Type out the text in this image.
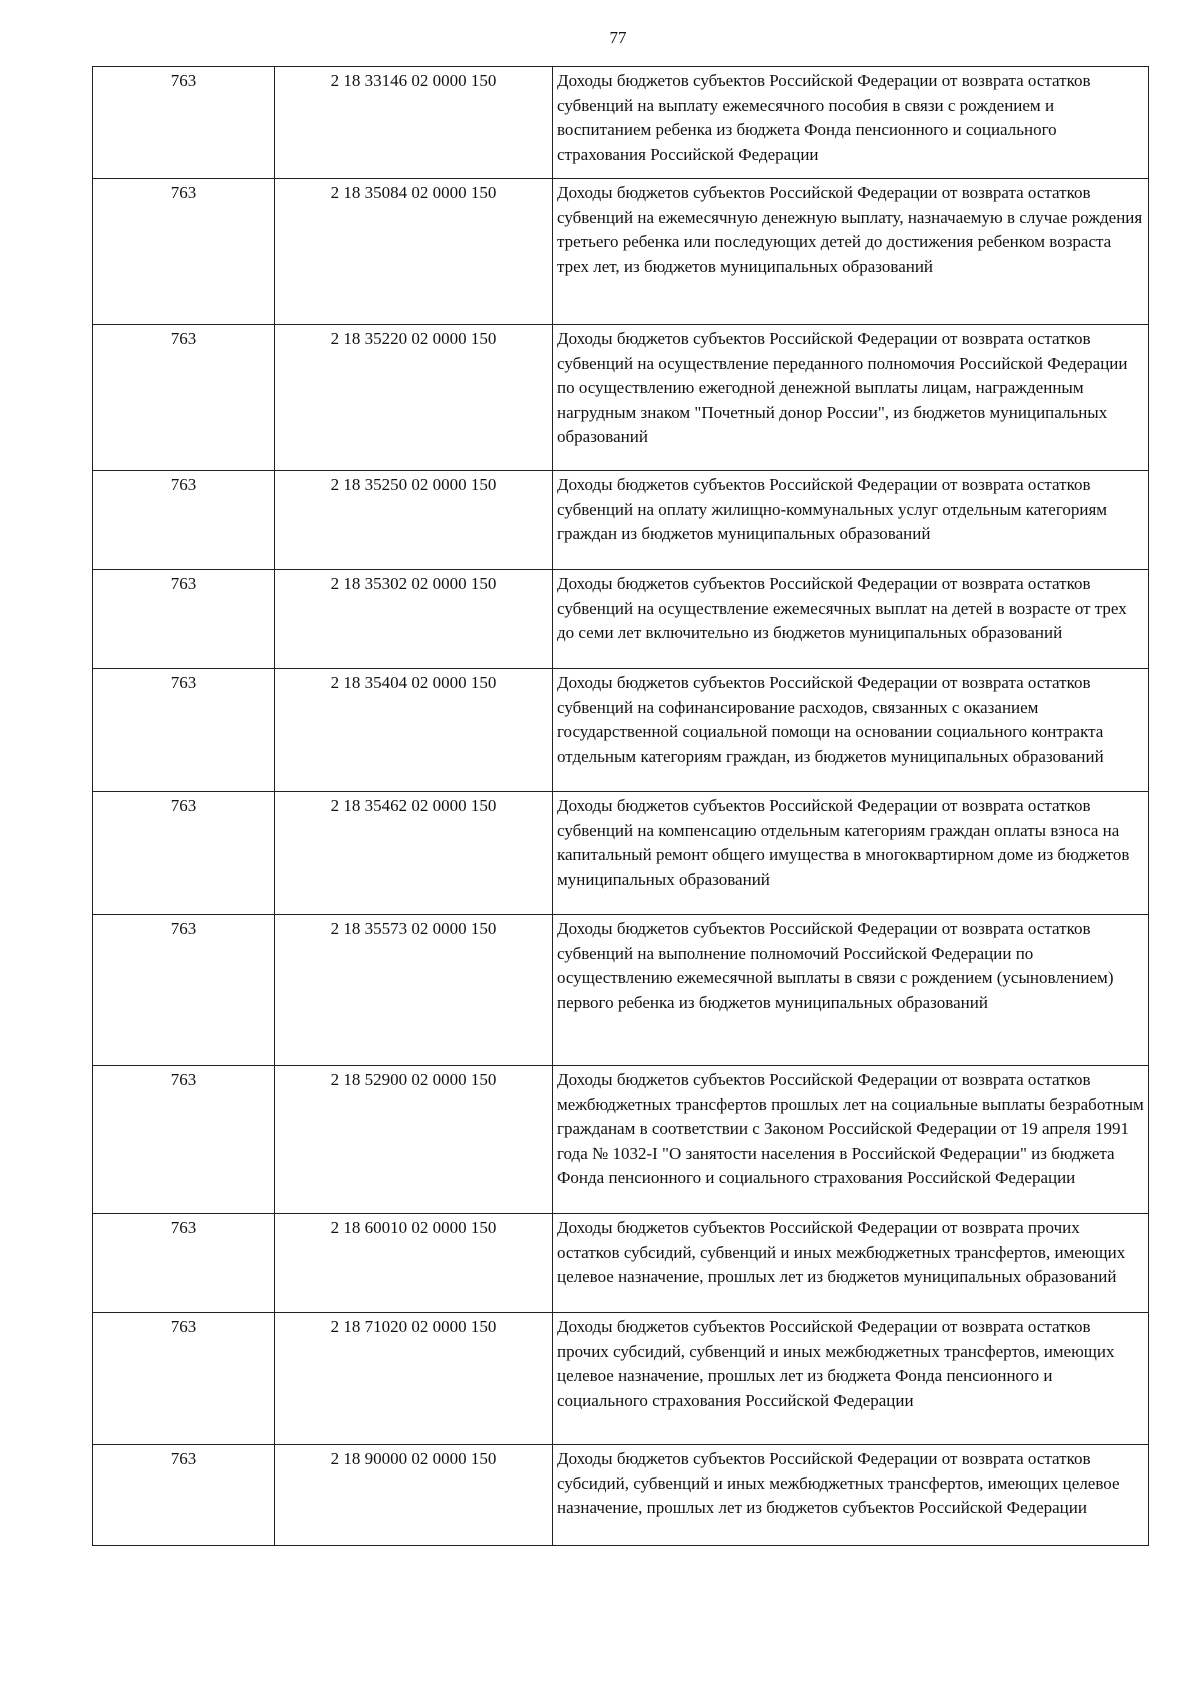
77
763	2 18 33146 02 0000 150	Доходы бюджетов субъектов Российской Федерации от возврата остатков субвенций на выплату ежемесячного пособия в связи с рождением и воспитанием ребенка из бюджета Фонда пенсионного и социального страхования Российской Федерации
763	2 18 35084 02 0000 150	Доходы бюджетов субъектов Российской Федерации от возврата остатков субвенций на ежемесячную денежную выплату, назначаемую в случае рождения третьего ребенка или последующих детей до достижения ребенком возраста трех лет, из бюджетов муниципальных образований
763	2 18 35220 02 0000 150	Доходы бюджетов субъектов Российской Федерации от возврата остатков субвенций на осуществление переданного полномочия Российской Федерации по осуществлению ежегодной денежной выплаты лицам, награжденным нагрудным знаком "Почетный донор России", из бюджетов муниципальных образований
763	2 18 35250 02 0000 150	Доходы бюджетов субъектов Российской Федерации от возврата остатков субвенций на оплату жилищно-коммунальных услуг отдельным категориям граждан из бюджетов муниципальных образований
763	2 18 35302 02 0000 150	Доходы бюджетов субъектов Российской Федерации от возврата остатков субвенций на осуществление ежемесячных выплат на детей в возрасте от трех до семи лет включительно из бюджетов муниципальных образований
763	2 18 35404 02 0000 150	Доходы бюджетов субъектов Российской Федерации от возврата остатков субвенций на софинансирование расходов, связанных с оказанием государственной социальной помощи на основании социального контракта отдельным категориям граждан, из бюджетов муниципальных образований
763	2 18 35462 02 0000 150	Доходы бюджетов субъектов Российской Федерации от возврата остатков субвенций на компенсацию отдельным категориям граждан оплаты взноса на капитальный ремонт общего имущества в многоквартирном доме из бюджетов муниципальных образований
763	2 18 35573 02 0000 150	Доходы бюджетов субъектов Российской Федерации от возврата остатков субвенций на выполнение полномочий Российской Федерации по осуществлению ежемесячной выплаты в связи с рождением (усыновлением) первого ребенка из бюджетов муниципальных образований
763	2 18 52900 02 0000 150	Доходы бюджетов субъектов Российской Федерации от возврата остатков межбюджетных трансфертов прошлых лет на социальные выплаты безработным гражданам в соответствии с Законом Российской Федерации от 19 апреля 1991 года № 1032-I "О занятости населения в Российской Федерации" из бюджета Фонда пенсионного и социального страхования Российской Федерации
763	2 18 60010 02 0000 150	Доходы бюджетов субъектов Российской Федерации от возврата прочих остатков субсидий, субвенций и иных межбюджетных трансфертов, имеющих целевое назначение, прошлых лет из бюджетов муниципальных образований
763	2 18 71020 02 0000 150	Доходы бюджетов субъектов Российской Федерации от возврата остатков прочих субсидий, субвенций и иных межбюджетных трансфертов, имеющих целевое назначение, прошлых лет из бюджета Фонда пенсионного и социального страхования Российской Федерации
763	2 18 90000 02 0000 150	Доходы бюджетов субъектов Российской Федерации от возврата остатков субсидий, субвенций и иных межбюджетных трансфертов, имеющих целевое назначение, прошлых лет из бюджетов субъектов Российской Федерации
